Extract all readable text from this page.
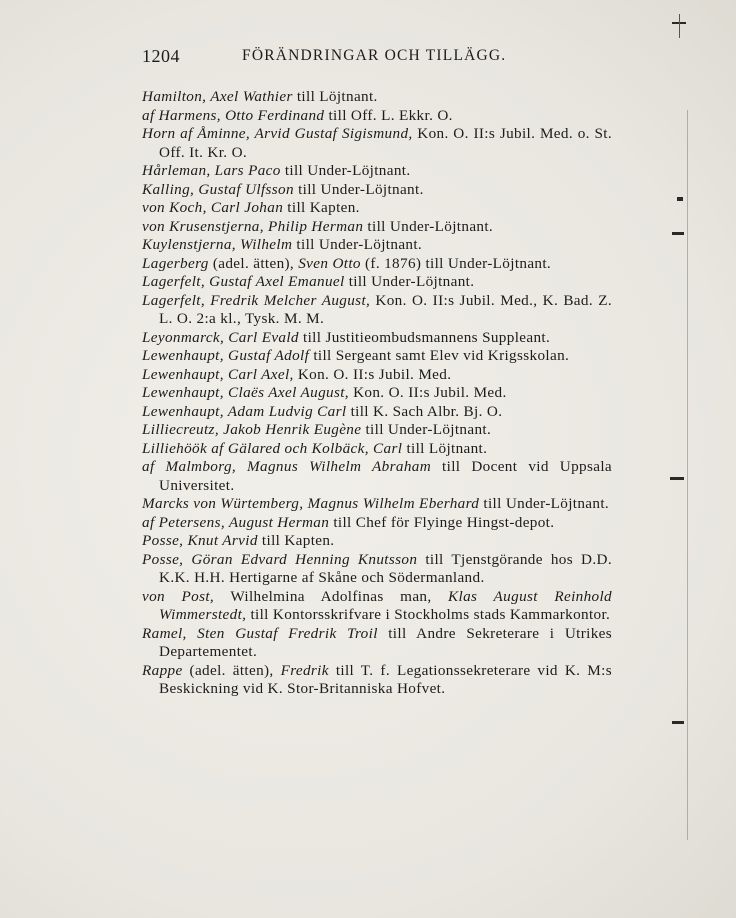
1204	FÖRÄNDRINGAR OCH TILLÄGG.
Hamilton, Axel Wathier till Löjtnant.
af Harmens, Otto Ferdinand till Off. L. Ekkr. O.
Horn af Åminne, Arvid Gustaf Sigismund, Kon. O. II:s Jubil. Med. o. St. Off. It. Kr. O.
Hårleman, Lars Paco till Under-Löjtnant.
Kalling, Gustaf Ulfsson till Under-Löjtnant.
von Koch, Carl Johan till Kapten.
von Krusenstjerna, Philip Herman till Under-Löjtnant.
Kuylenstjerna, Wilhelm till Under-Löjtnant.
Lagerberg (adel. ätten), Sven Otto (f. 1876) till Under-Löjtnant.
Lagerfelt, Gustaf Axel Emanuel till Under-Löjtnant.
Lagerfelt, Fredrik Melcher August, Kon. O. II:s Jubil. Med., K. Bad. Z. L. O. 2:a kl., Tysk. M. M.
Leyonmarck, Carl Evald till Justitieombudsmannens Suppleant.
Lewenhaupt, Gustaf Adolf till Sergeant samt Elev vid Krigsskolan.
Lewenhaupt, Carl Axel, Kon. O. II:s Jubil. Med.
Lewenhaupt, Claës Axel August, Kon. O. II:s Jubil. Med.
Lewenhaupt, Adam Ludvig Carl till K. Sach Albr. Bj. O.
Lilliecreutz, Jakob Henrik Eugène till Under-Löjtnant.
Lilliehöök af Gälared och Kolbäck, Carl till Löjtnant.
af Malmborg, Magnus Wilhelm Abraham till Docent vid Uppsala Universitet.
Marcks von Würtemberg, Magnus Wilhelm Eberhard till Under-Löjtnant.
af Petersens, August Herman till Chef för Flyinge Hingst-depot.
Posse, Knut Arvid till Kapten.
Posse, Göran Edvard Henning Knutsson till Tjenstgörande hos D.D. K.K. H.H. Hertigarne af Skåne och Södermanland.
von Post, Wilhelmina Adolfinas man, Klas August Reinhold Wimmerstedt, till Kontorsskrifvare i Stockholms stads Kammarkontor.
Ramel, Sten Gustaf Fredrik Troil till Andre Sekreterare i Utrikes Departementet.
Rappe (adel. ätten), Fredrik till T. f. Legationssekreterare vid K. M:s Beskickning vid K. Stor-Britanniska Hofvet.
